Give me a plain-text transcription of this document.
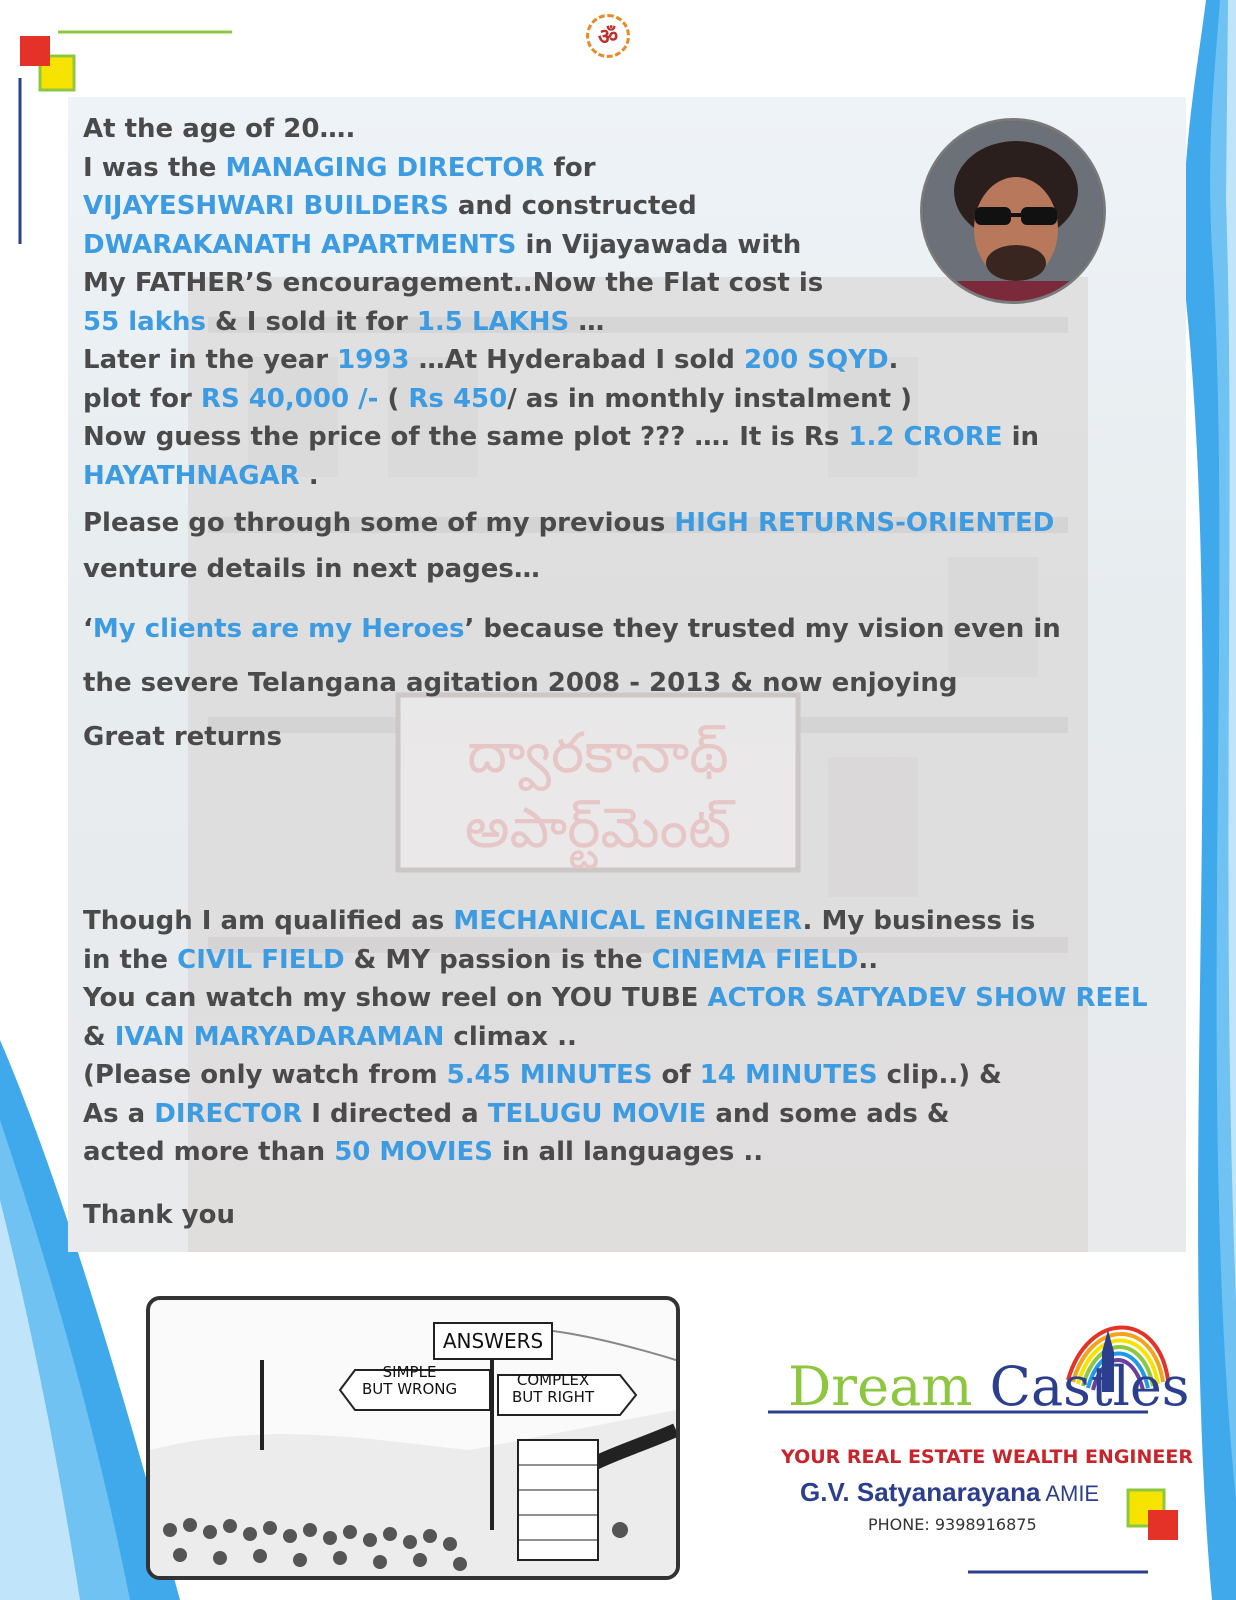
ॐ
ద్వారకానాథ్
అపార్ట్‌మెంట్
At the age of 20….
I was the MANAGING DIRECTOR for
VIJAYESHWARI BUILDERS and constructed
DWARAKANATH APARTMENTS in Vijayawada with
My FATHER’S encouragement..Now the Flat cost is
55 lakhs & I sold it for 1.5 LAKHS …
Later in the year 1993 …At Hyderabad I sold 200 SQYD.
plot for RS 40,000 /- ( Rs 450/ as in monthly instalment )
Now guess the price of the same plot ??? …. It is Rs 1.2 CRORE in
HAYATHNAGAR .
Please go through some of my previous HIGH RETURNS-ORIENTED
venture details in next pages…
‘My clients are my Heroes’ because they trusted my vision even in
the severe Telangana agitation 2008 - 2013 & now enjoying
Great returns
Though I am qualified as MECHANICAL ENGINEER. My business is
in the CIVIL FIELD & MY passion is the CINEMA FIELD..
You can watch my show reel on YOU TUBE ACTOR SATYADEV SHOW REEL
& IVAN MARYADARAMAN climax ..
(Please only watch from 5.45 MINUTES of 14 MINUTES clip..) &
As a DIRECTOR I directed a TELUGU MOVIE and some ads &
acted more than 50 MOVIES in all languages ..
Thank you
ANSWERS
SIMPLE
BUT WRONG	COMPLEX
BUT RIGHT	Dream Castles
YOUR REAL ESTATE WEALTH ENGINEER
G.V. Satyanarayana AMIE
PHONE: 9398916875
